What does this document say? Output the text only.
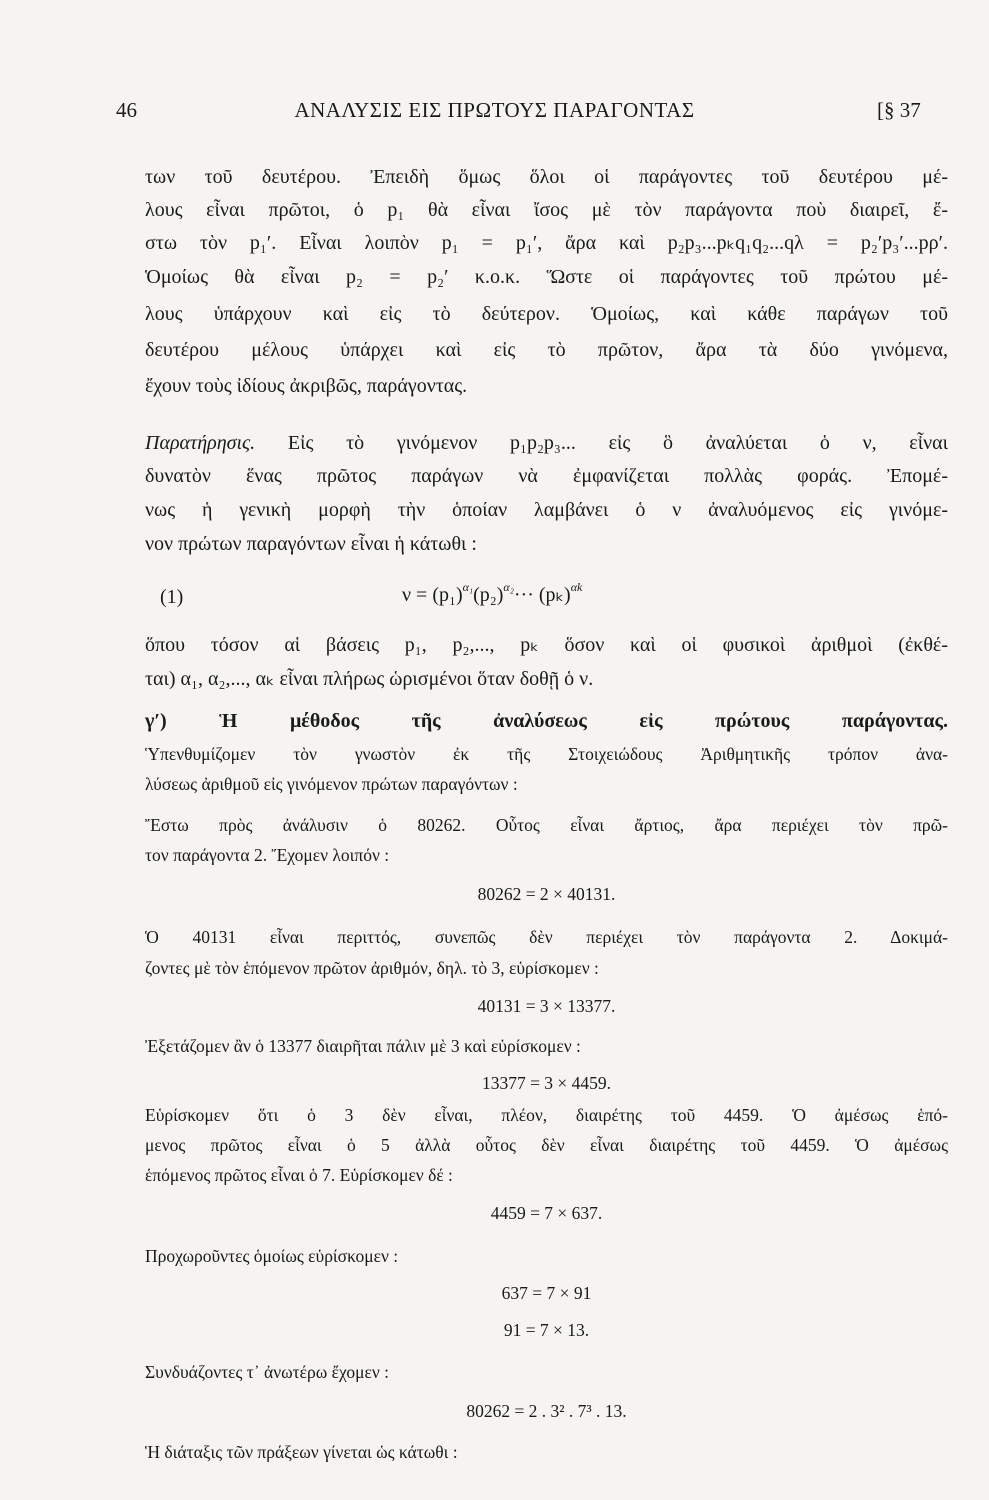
46	ΑΝΑΛΥΣΙΣ ΕΙΣ ΠΡΩΤΟΥΣ ΠΑΡΑΓΟΝΤΑΣ	[§ 37
των τοῦ δευτέρου. Ἐπειδὴ ὅμως ὅλοι οἱ παράγοντες τοῦ δευτέρου μέ-
λους εἶναι πρῶτοι, ὁ p₁ θὰ εἶναι ἴσος μὲ τὸν παράγοντα ποὺ διαιρεῖ, ἔ-
στω τὸν p₁′. Εἶναι λοιπὸν p₁ = p₁′, ἄρα καὶ p₂p₃...pₖq₁q₂...qλ = p₂′p₃′...pρ′.
Ὁμοίως θὰ εἶναι p₂ = p₂′ κ.ο.κ. Ὥστε οἱ παράγοντες τοῦ πρώτου μέ-
λους ὑπάρχουν καὶ εἰς τὸ δεύτερον. Ὁμοίως, καὶ κάθε παράγων τοῦ
δευτέρου μέλους ὑπάρχει καὶ εἰς τὸ πρῶτον, ἄρα τὰ δύο γινόμενα,
ἔχουν τοὺς ἰδίους ἀκριβῶς, παράγοντας.
Παρατήρησις. Εἰς τὸ γινόμενον p₁p₂p₃... εἰς ὃ ἀναλύεται ὁ ν, εἶναι
δυνατὸν ἕνας πρῶτος παράγων νὰ ἐμφανίζεται πολλὰς φοράς. Ἐπομέ-
νως ἡ γενικὴ μορφὴ τὴν ὁποίαν λαμβάνει ὁ ν ἀναλυόμενος εἰς γινόμε-
νον πρώτων παραγόντων εἶναι ἡ κάτωθι :
(1)	$\nu = (p_1)^{\alpha_1}(p_2)^{\alpha_2}\cdot\cdot\cdot (p_k)^{\alpha k}$
ὅπου τόσον αἱ βάσεις p₁, p₂,..., pₖ ὅσον καὶ οἱ φυσικοὶ ἀριθμοὶ (ἐκθέ-
ται) α₁, α₂,..., αₖ εἶναι πλήρως ὡρισμένοι ὅταν δοθῇ ὁ ν.
γ′) Ἡ μέθοδος τῆς ἀναλύσεως εἰς πρώτους παράγοντας.
Ὑπενθυμίζομεν τὸν γνωστὸν ἐκ τῆς Στοιχειώδους Ἀριθμητικῆς τρόπον ἀνα-
λύσεως ἀριθμοῦ εἰς γινόμενον πρώτων παραγόντων :
Ἔστω πρὸς ἀνάλυσιν ὁ 80262. Οὗτος εἶναι ἄρτιος, ἄρα περιέχει τὸν πρῶ-
τον παράγοντα 2. Ἔχομεν λοιπόν :
80262 = 2 × 40131.
Ὁ 40131 εἶναι περιττός, συνεπῶς δὲν περιέχει τὸν παράγοντα 2. Δοκιμά-
ζοντες μὲ τὸν ἑπόμενον πρῶτον ἀριθμόν, δηλ. τὸ 3, εὑρίσκομεν :
40131 = 3 × 13377.
Ἐξετάζομεν ἂν ὁ 13377 διαιρῆται πάλιν μὲ 3 καὶ εὑρίσκομεν :
13377 = 3 × 4459.
Εὑρίσκομεν ὅτι ὁ 3 δὲν εἶναι, πλέον, διαιρέτης τοῦ 4459. Ὁ ἀμέσως ἑπό-
μενος πρῶτος εἶναι ὁ 5 ἀλλὰ οὗτος δὲν εἶναι διαιρέτης τοῦ 4459. Ὁ ἀμέσως
ἑπόμενος πρῶτος εἶναι ὁ 7. Εὑρίσκομεν δέ :
4459 = 7 × 637.
Προχωροῦντες ὁμοίως εὑρίσκομεν :
637 = 7 × 91
91 = 7 × 13.
Συνδυάζοντες τ᾿ ἀνωτέρω ἔχομεν :
80262 = 2 . 3² . 7³ . 13.
Ἡ διάταξις τῶν πράξεων γίνεται ὡς κάτωθι :
